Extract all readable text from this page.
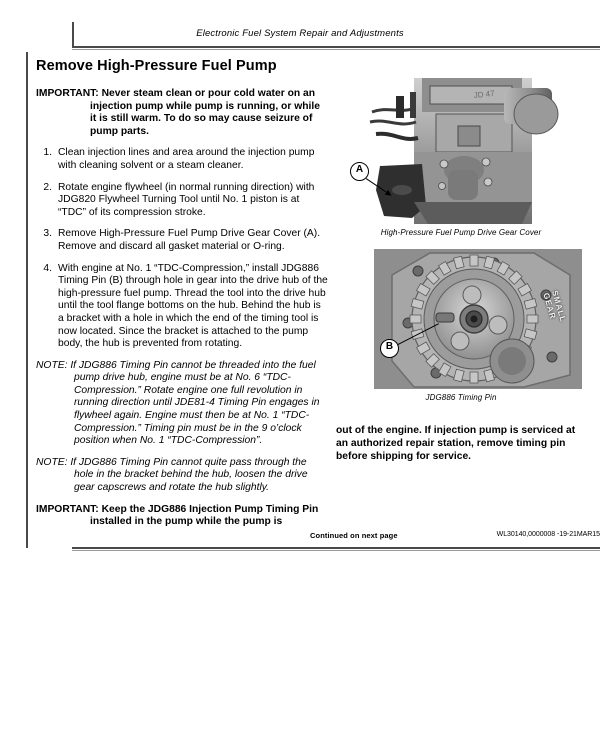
Electronic Fuel System Repair and Adjustments
Remove High-Pressure Fuel Pump

IMPORTANT: Never steam clean or pour cold water on an injection pump while pump is running, or while it is still warm. To do so may cause seizure of pump parts.

1. Clean injection lines and area around the injection pump with cleaning solvent or a steam cleaner.
2. Rotate engine flywheel (in normal running direction) with JDG820 Flywheel Turning Tool until No. 1 piston is at “TDC” of its compression stroke.
3. Remove High-Pressure Fuel Pump Drive Gear Cover (A). Remove and discard all gasket material or O-ring.
4. With engine at No. 1 “TDC-Compression,” install JDG886 Timing Pin (B) through hole in gear into the drive hub of the high-pressure fuel pump. Thread the tool into the drive hub until the tool flange bottoms on the hub. Behind the hub is a bracket with a hole in which the end of the timing tool is now located. Since the bracket is attached to the pump body, the hub is prevented from rotating.

NOTE: If JDG886 Timing Pin cannot be threaded into the fuel pump drive hub, engine must be at No. 6 “TDC-Compression.” Rotate engine one full revolution in running direction until JDE81-4 Timing Pin engages in flywheel again. Engine must then be at No. 1 “TDC-Compression.” Timing pin must be in the 9 o’clock position when No. 1 “TDC-Compression”.

NOTE: If JDG886 Timing Pin cannot quite pass through the hole in the bracket behind the hub, loosen the drive gear capscrews and rotate the hub slightly.

IMPORTANT: Keep the JDG886 Injection Pump Timing Pin installed in the pump while the pump is

JD 47
A
High-Pressure Fuel Pump Drive Gear Cover
SMALL GEAR
B
JDG886 Timing Pin

out of the engine. If injection pump is serviced at an authorized repair station, remove timing pin before shipping for service.

Continued on next page	WL30140,0000008 -19-21MAR15
